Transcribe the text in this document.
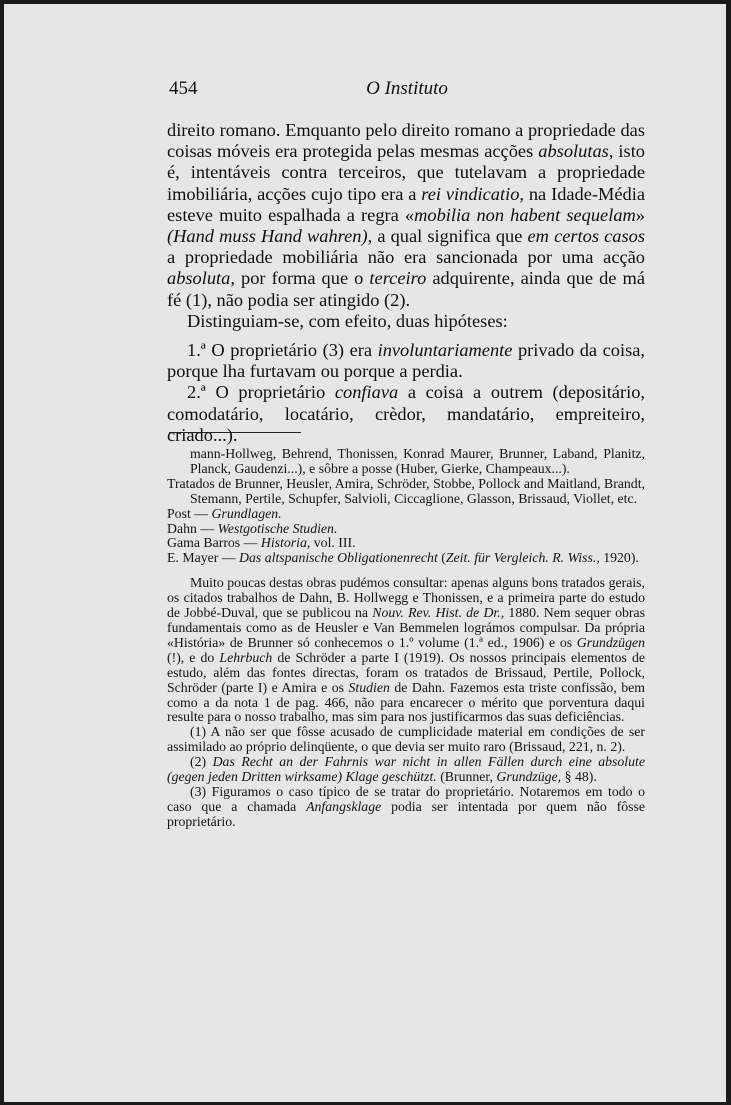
454	O Instituto

direito romano. Emquanto pelo direito romano a propriedade das coisas móveis era protegida pelas mesmas acções absolutas, isto é, intentáveis contra terceiros, que tutelavam a propriedade imobiliária, acções cujo tipo era a rei vindicatio, na Idade-Média esteve muito espalhada a regra «mobilia non habent sequelam» (Hand muss Hand wahren), a qual significa que em certos casos a propriedade mobiliária não era sancionada por uma acção absoluta, por forma que o terceiro adquirente, ainda que de má fé (1), não podia ser atingido (2).

Distinguiam-se, com efeito, duas hipóteses:

1.ª O proprietário (3) era involuntariamente privado da coisa, porque lha furtavam ou porque a perdia.

2.ª O proprietário confiava a coisa a outrem (depositário, comodatário, locatário, crèdor, mandatário, empreiteiro, criado...).

mann-Hollweg, Behrend, Thonissen, Konrad Maurer, Brunner, Laband, Planitz, Planck, Gaudenzi...), e sôbre a posse (Huber, Gierke, Champeaux...).

Tratados de Brunner, Heusler, Amira, Schröder, Stobbe, Pollock and Maitland, Brandt, Stemann, Pertile, Schupfer, Salvioli, Ciccaglione, Glasson, Brissaud, Viollet, etc.

Post — Grundlagen.

Dahn — Westgotische Studien.

Gama Barros — Historia, vol. III.

E. Mayer — Das altspanische Obligationenrecht (Zeit. für Vergleich. R. Wiss., 1920).

Muito poucas destas obras pudémos consultar: apenas alguns bons tratados gerais, os citados trabalhos de Dahn, B. Hollwegg e Thonissen, e a primeira parte do estudo de Jobbé-Duval, que se publicou na Nouv. Rev. Hist. de Dr., 1880. Nem sequer obras fundamentais como as de Heusler e Van Bemmelen lográmos compulsar. Da própria «História» de Brunner só conhecemos o 1.º volume (1.ª ed., 1906) e os Grundzügen (!), e do Lehrbuch de Schröder a parte I (1919). Os nossos principais elementos de estudo, além das fontes directas, foram os tratados de Brissaud, Pertile, Pollock, Schröder (parte I) e Amira e os Studien de Dahn. Fazemos esta triste confissão, bem como a da nota 1 de pag. 466, não para encarecer o mérito que porventura daqui resulte para o nosso trabalho, mas sim para nos justificarmos das suas deficiências.

(1) A não ser que fôsse acusado de cumplicidade material em condições de ser assimilado ao próprio delinqüente, o que devia ser muito raro (Brissaud, 221, n. 2).

(2) Das Recht an der Fahrnis war nicht in allen Fällen durch eine absolute (gegen jeden Dritten wirksame) Klage geschützt. (Brunner, Grundzüge, § 48).

(3) Figuramos o caso típico de se tratar do proprietário. Notaremos em todo o caso que a chamada Anfangsklage podia ser intentada por quem não fôsse proprietário.
